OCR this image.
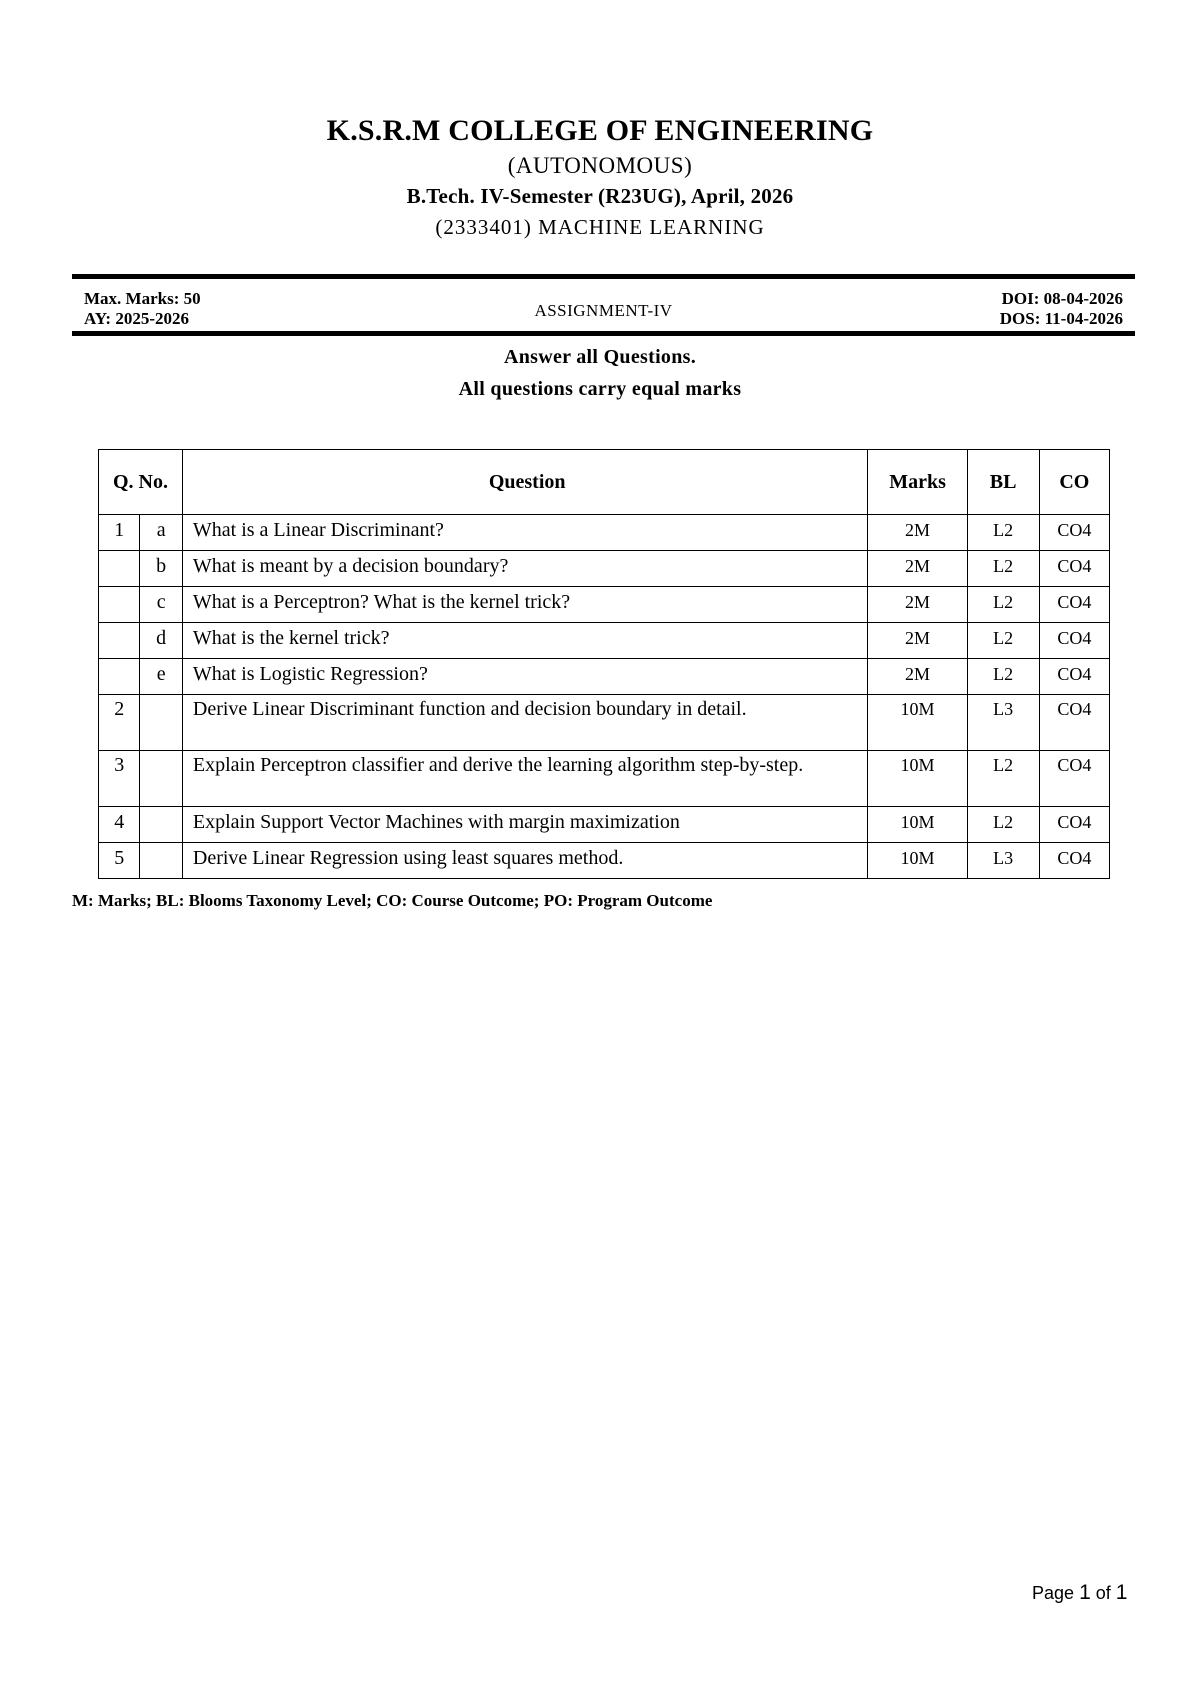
K.S.R.M COLLEGE OF ENGINEERING
(AUTONOMOUS)
B.Tech. IV-Semester (R23UG), April, 2026
(2333401) MACHINE LEARNING
Max. Marks: 50
AY: 2025-2026	ASSIGNMENT-IV
DOI: 08-04-2026
DOS: 11-04-2026
Answer all Questions.
All questions carry equal marks
Q. No.		Question	Marks	BL	CO
1	a	What is a Linear Discriminant?	2M	L2	CO4
	b	What is meant by a decision boundary?	2M	L2	CO4
	c	What is a Perceptron? What is the kernel trick?	2M	L2	CO4
	d	What is the kernel trick?	2M	L2	CO4
	e	What is Logistic Regression?	2M	L2	CO4
2		Derive Linear Discriminant function and decision boundary in detail.	10M	L3	CO4
3		Explain Perceptron classifier and derive the learning algorithm step-by-step.	10M	L2	CO4
4		Explain Support Vector Machines with margin maximization	10M	L2	CO4
5		Derive Linear Regression using least squares method.	10M	L3	CO4
M: Marks; BL: Blooms Taxonomy Level; CO: Course Outcome; PO: Program Outcome
Page 1 of 1
